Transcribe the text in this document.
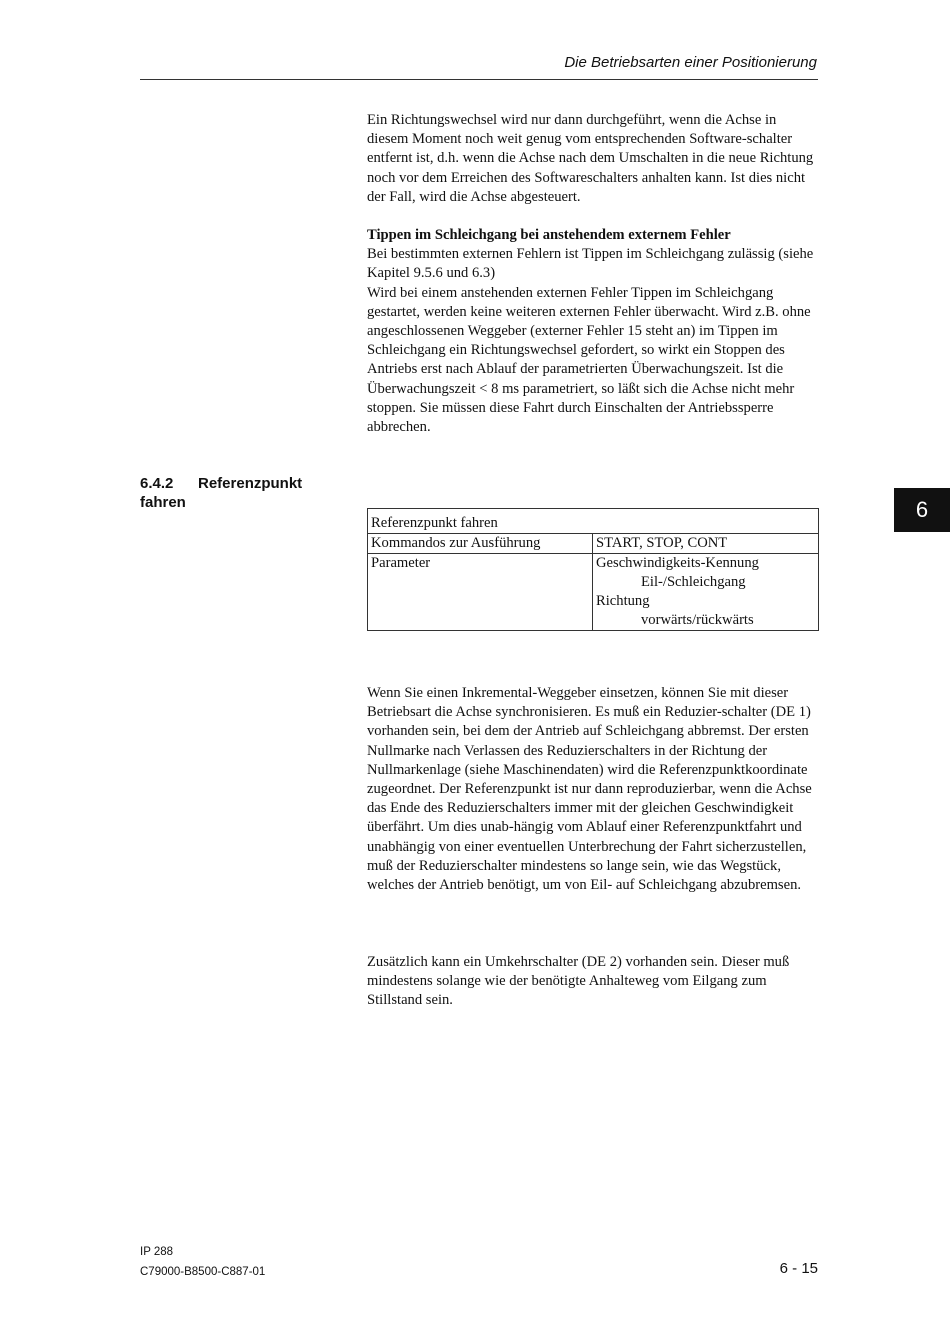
Die Betriebsarten einer Positionierung

Ein Richtungswechsel wird nur dann durchgeführt, wenn die Achse in diesem Moment noch weit genug vom entsprechenden Software-schalter entfernt ist, d.h. wenn die Achse nach dem Umschalten in die neue Richtung noch vor dem Erreichen des Softwareschalters anhalten kann. Ist dies nicht der Fall, wird die Achse abgesteuert.

Tippen im Schleichgang bei anstehendem externem Fehler

Bei bestimmten externen Fehlern ist Tippen im Schleichgang zulässig (siehe Kapitel 9.5.6 und 6.3)

Wird bei einem anstehenden externen Fehler Tippen im Schleichgang gestartet, werden keine weiteren externen Fehler überwacht. Wird z.B. ohne angeschlossenen Weggeber (externer Fehler 15 steht an) im Tippen im Schleichgang ein Richtungswechsel gefordert, so wirkt ein Stoppen des Antriebs erst nach Ablauf der parametrierten Überwachungszeit. Ist die Überwachungszeit < 8 ms parametriert, so läßt sich die Achse nicht mehr stoppen. Sie müssen diese Fahrt durch Einschalten der Antriebssperre abbrechen.

6.4.2 Referenzpunkt
fahren	6
Referenzpunkt fahren	
Kommandos zur Ausführung	START, STOP, CONT
Parameter	Geschwindigkeits-Kennung
Eil-/Schleichgang
Richtung
vorwärts/rückwärts

Wenn Sie einen Inkremental-Weggeber einsetzen, können Sie mit dieser Betriebsart die Achse synchronisieren. Es muß ein Reduzier-schalter (DE 1) vorhanden sein, bei dem der Antrieb auf Schleichgang abbremst. Der ersten Nullmarke nach Verlassen des Reduzierschalters in der Richtung der Nullmarkenlage (siehe Maschinendaten) wird die Referenzpunktkoordinate zugeordnet. Der Referenzpunkt ist nur dann reproduzierbar, wenn die Achse das Ende des Reduzierschalters immer mit der gleichen Geschwindigkeit überfährt. Um dies unab-hängig vom Ablauf einer Referenzpunktfahrt und unabhängig von einer eventuellen Unterbrechung der Fahrt sicherzustellen, muß der Reduzierschalter mindestens so lange sein, wie das Wegstück, welches der Antrieb benötigt, um von Eil- auf Schleichgang abzubremsen.

Zusätzlich kann ein Umkehrschalter (DE 2) vorhanden sein. Dieser muß mindestens solange wie der benötigte Anhalteweg vom Eilgang zum Stillstand sein.

IP 288
C79000-B8500-C887-01	6 - 15
